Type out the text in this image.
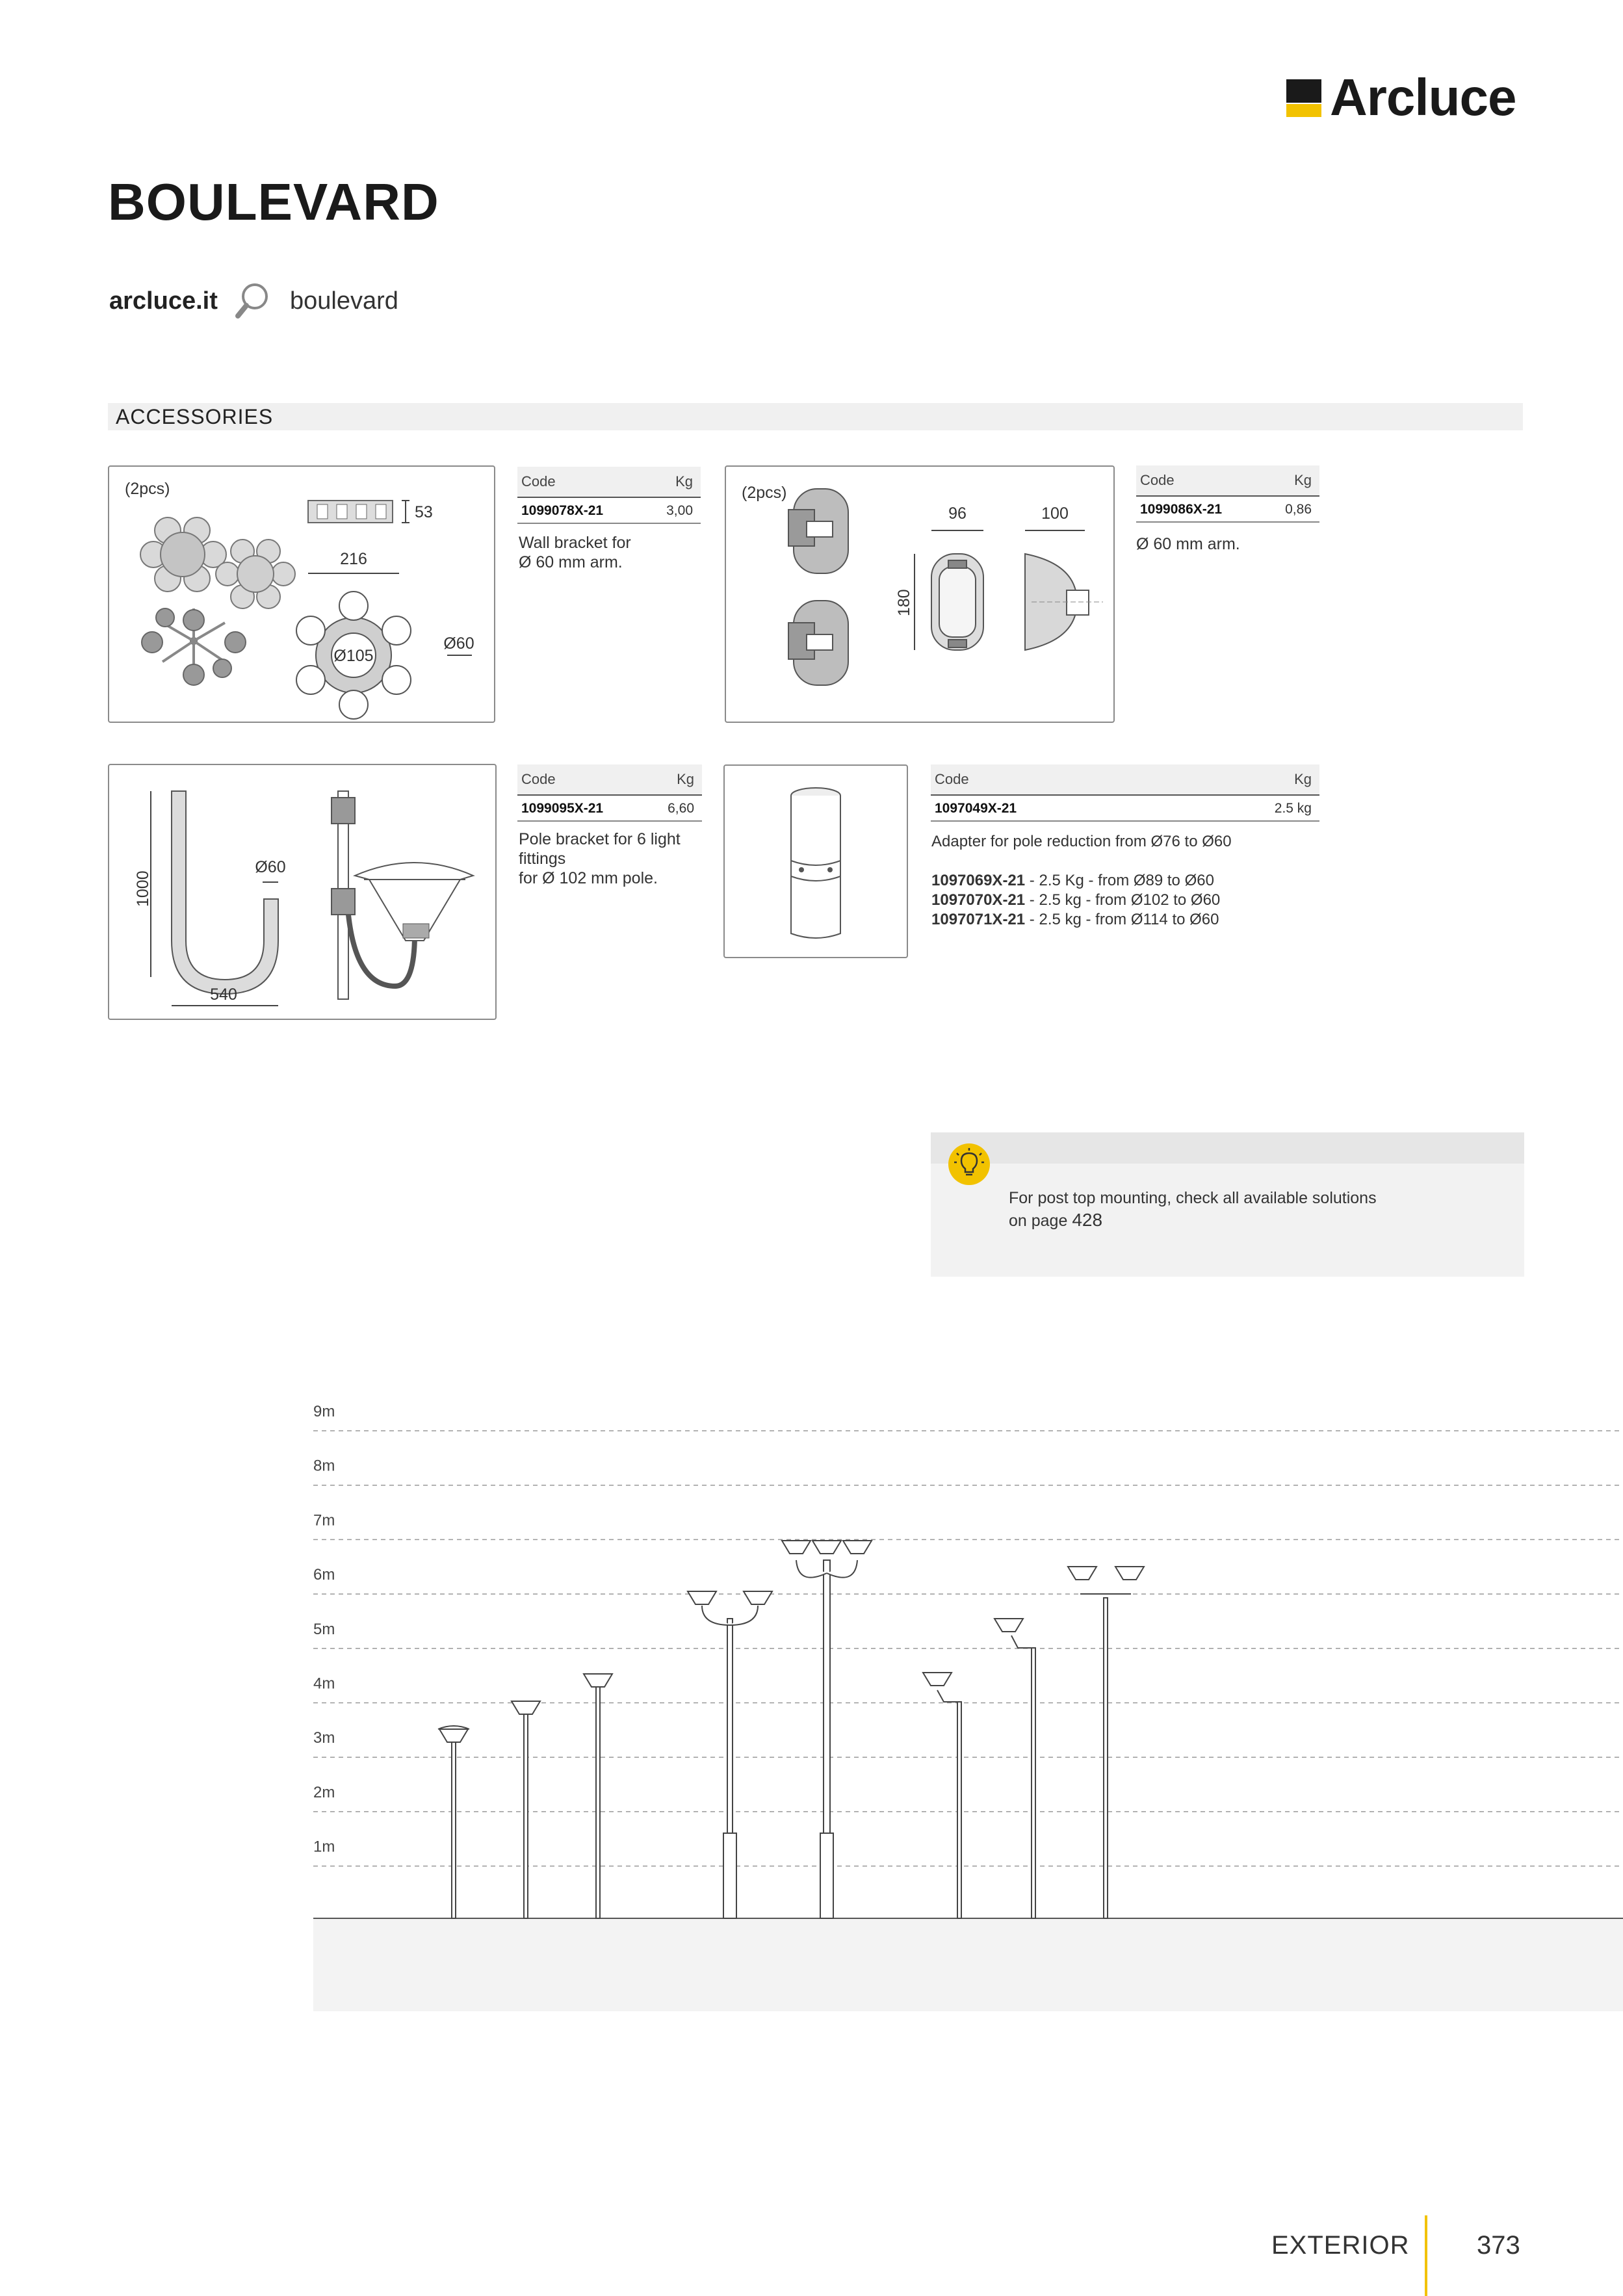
Arcluce
BOULEVARD
arcluce.it	boulevard
ACCESSORIES
(2pcs)
53
216
Ø105
Ø60
Code	Kg
1099078X-21	3,00
Wall bracket for
Ø 60 mm arm.
(2pcs)
96	100
180
Code	Kg
1099086X-21	0,86
Ø 60 mm arm.
1000
Ø60
540
Code	Kg
1099095X-21	6,60
Pole bracket for 6 light
fittings
for Ø 102 mm pole.
Code	Kg
1097049X-21	2.5 kg
Adapter for pole reduction from Ø76 to Ø60
1097069X-21 - 2.5 Kg - from Ø89 to Ø60
1097070X-21 - 2.5 kg - from Ø102 to Ø60
1097071X-21 - 2.5 kg - from Ø114 to Ø60
For post top mounting, check all available solutions
on page 428
9m
8m
7m
6m
5m
4m
3m
2m
1m
EXTERIOR	373
